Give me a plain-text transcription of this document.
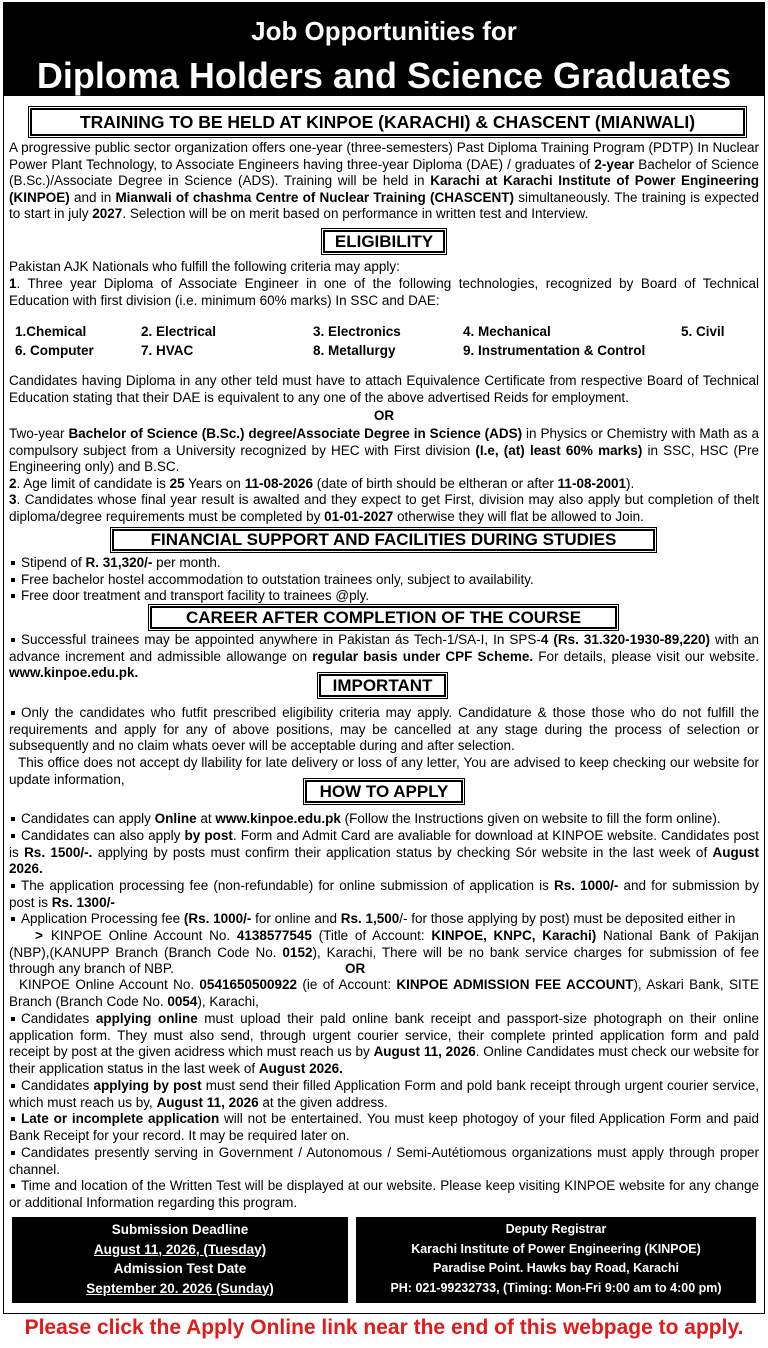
Job Opportunities for
Diploma Holders and Science Graduates
TRAINING TO BE HELD AT KINPOE (KARACHI) & CHASCENT (MIANWALI)
A progressive public sector organization offers one-year (three-semesters) Past Diploma Training Program (PDTP) In Nuclear Power Plant Technology, to Associate Engineers having three-year Diploma (DAE) / graduates of 2-year Bachelor of Science (B.Sc.)/Associate Degree in Science (ADS). Training will be held in Karachi at Karachi Institute of Power Engineering (KINPOE) and in Mianwali of chashma Centre of Nuclear Training (CHASCENT) simultaneously. The training is expected to start in july 2027. Selection will be on merit based on performance in written test and Interview.
ELIGIBILITY
Pakistan AJK Nationals who fulfill the following criteria may apply:
1. Three year Diploma of Associate Engineer in one of the following technologies, recognized by Board of Technical Education with first division (i.e. minimum 60% marks) In SSC and DAE:
1.Chemical	2. Electrical	3. Electronics	4. Mechanical	5. Civil
6. Computer	7. HVAC	8. Metallurgy	9. Instrumentation & Control
Candidates having Diploma in any other teld must have to attach Equivalence Certificate from respective Board of Technical Education stating that their DAE is equivalent to any one of the above advertised Reids for employment.
OR
Two-year Bachelor of Science (B.Sc.) degree/Associate Degree in Science (ADS) in Physics or Chemistry with Math as a compulsory subject from a University recognized by HEC with First division (I.e, (at) least 60% marks) in SSC, HSC (Pre Engineering only) and B.SC.
2. Age limit of candidate is 25 Years on 11-08-2026 (date of birth should be eltheran or after 11-08-2001).
3. Candidates whose final year result is awalted and they expect to get First, division may also apply but completion of thelt diploma/degree requirements must be completed by 01-01-2027 otherwise they will flat be allowed to Join.
FINANCIAL SUPPORT AND FACILITIES DURING STUDIES
Stipend of R. 31,320/- per month.
Free bachelor hostel accommodation to outstation trainees only, subject to availability.
Free door treatment and transport facility to trainees @ply.
CAREER AFTER COMPLETION OF THE COURSE
Successful trainees may be appointed anywhere in Pakistan ás Tech-1/SA-I, In SPS-4 (Rs. 31.320-1930-89,220) with an advance increment and admissible allowange on regular basis under CPF Scheme. For details, please visit our website. www.kinpoe.edu.pk.
IMPORTANT
Only the candidates who futfit prescribed eligibility criteria may apply. Candidature & those those who do not fulfill the requirements and apply for any of above positions, may be cancelled at any stage during the process of selection or subsequently and no claim whats oever will be acceptable during and after selection.
This office does not accept dy llability for late delivery or loss of any letter, You are advised to keep checking our website for update information,
HOW TO APPLY
Candidates can apply Online at www.kinpoe.edu.pk (Follow the Instructions given on website to fill the form online).
Candidates can also apply by post. Form and Admit Card are avaliable for download at KINPOE website. Candidates post is Rs. 1500/-. applying by posts must confirm their application status by checking Sór website in the last week of August 2026.
The application processing fee (non-refundable) for online submission of application is Rs. 1000/- and for submission by post is Rs. 1300/-
Application Processing fee (Rs. 1000/- for online and Rs. 1,500/- for those applying by post) must be deposited either in
> KINPOE Online Account No. 4138577545 (Title of Account: KINPOE, KNPC, Karachi) National Bank of Pakijan (NBP),(KANUPP Branch (Branch Code No. 0152), Karachi, There will be no bank service charges for submission of fee through any branch of NBP.	OR
KINPOE Online Account No. 0541650500922 (ie of Account: KINPOE ADMISSION FEE ACCOUNT), Askari Bank, SITE Branch (Branch Code No. 0054), Karachi,
Candidates applying online must upload their pald online bank receipt and passport-size photograph on their online application form. They must also send, through urgent courier service, their complete printed application form and pald receipt by post at the given acidress which must reach us by August 11, 2026. Online Candidates must check our website for their application status in the last week of August 2026.
Candidates applying by post must send their filled Application Form and pold bank receipt through urgent courier service, which must reach us by, August 11, 2026 at the given address.
Late or incomplete application will not be entertained. You must keep photogoy of your filed Application Form and paid Bank Receipt for your record. It may be required later on.
Candidates presently serving in Government / Autonomous / Semi-Autétiomous organizations must apply through proper channel.
Time and location of the Written Test will be displayed at our website. Please keep visiting KINPOE website for any change or additional Information regarding this program.
Submission Deadline
August 11, 2026, (Tuesday)
Admission Test Date
September 20. 2026 (Sunday)
Deputy Registrar
Karachi Institute of Power Engineering (KINPOE)
Paradise Point. Hawks bay Road, Karachi
PH: 021-99232733, (Timing: Mon-Fri 9:00 am to 4:00 pm)
Please click the Apply Online link near the end of this webpage to apply.
